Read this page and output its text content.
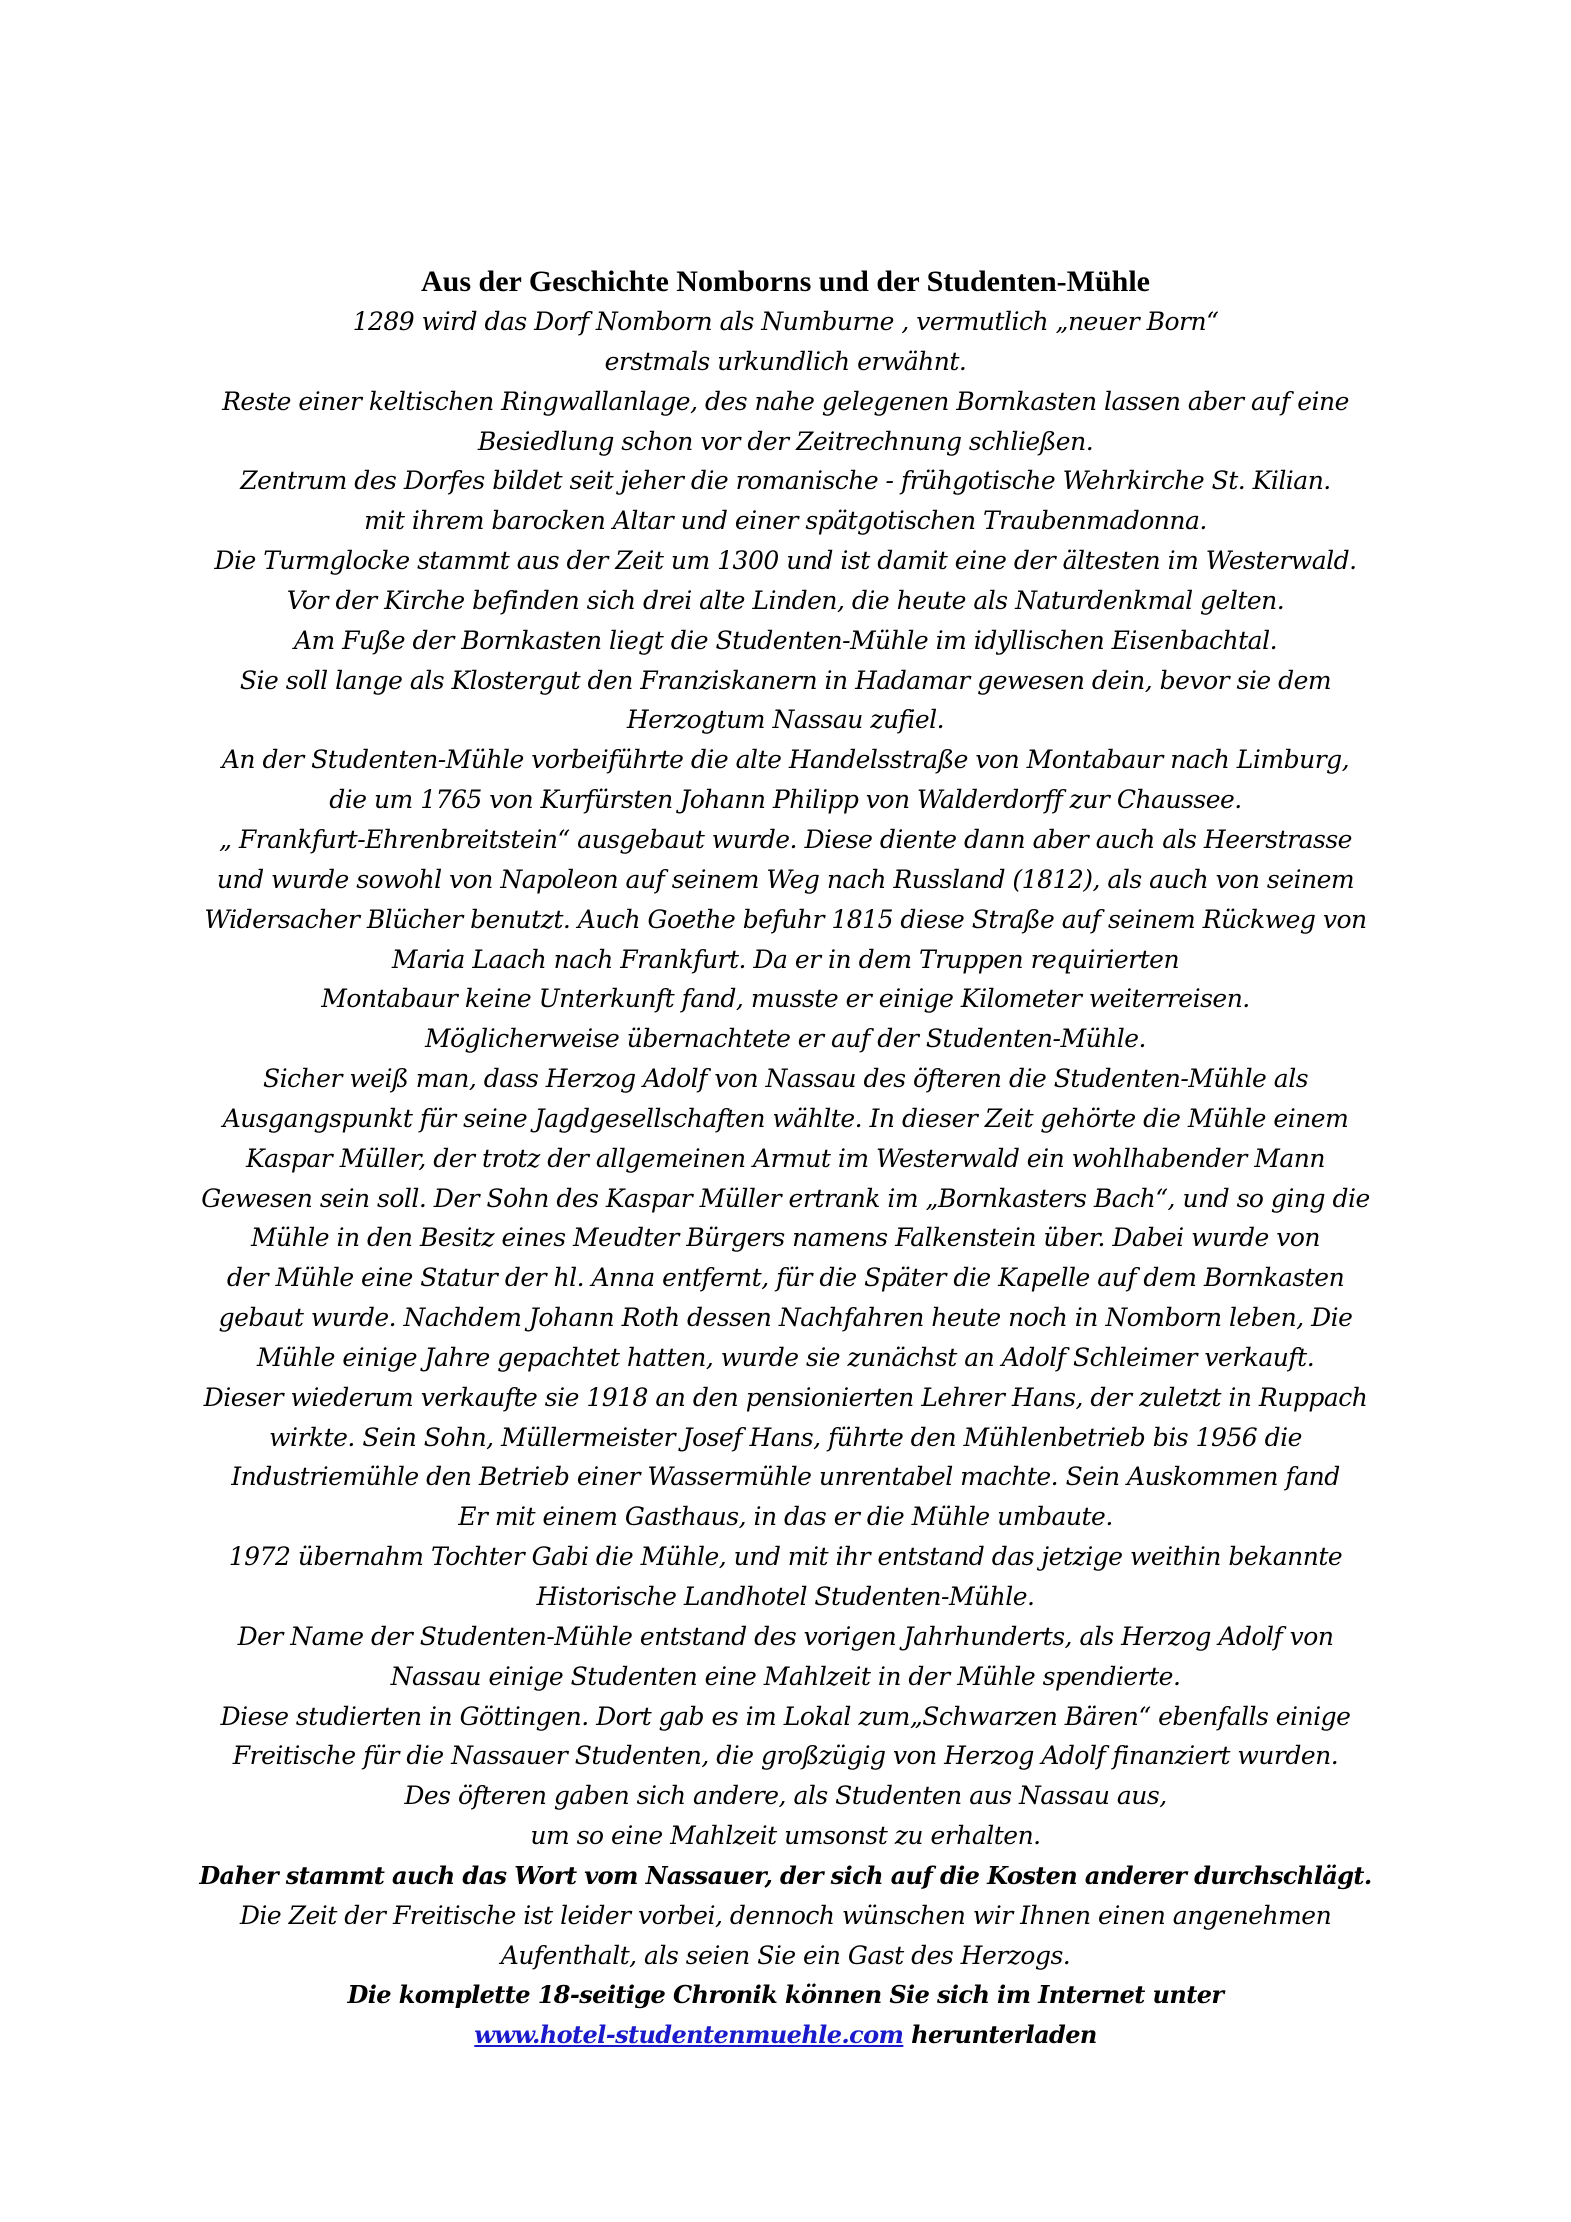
Aus der Geschichte Nomborns und der Studenten-Mühle
1289 wird das Dorf Nomborn als Numburne , vermutlich „neuer Born“
erstmals urkundlich erwähnt.
Reste einer keltischen Ringwallanlage, des nahe gelegenen Bornkasten lassen aber auf eine
Besiedlung schon vor der Zeitrechnung schließen.
Zentrum des Dorfes bildet seit jeher die romanische - frühgotische Wehrkirche St. Kilian.
mit ihrem barocken Altar und einer spätgotischen Traubenmadonna.
Die Turmglocke stammt aus der Zeit um 1300 und ist damit eine der ältesten im Westerwald.
Vor der Kirche befinden sich drei alte Linden, die heute als Naturdenkmal gelten.
Am Fuße der Bornkasten liegt die Studenten-Mühle im idyllischen Eisenbachtal.
Sie soll lange als Klostergut den Franziskanern in Hadamar gewesen dein, bevor sie dem
Herzogtum Nassau zufiel.
An der Studenten-Mühle vorbeiführte die alte Handelsstraße von Montabaur nach Limburg,
die um 1765 von Kurfürsten Johann Philipp von Walderdorff zur Chaussee.
„ Frankfurt-Ehrenbreitstein“ ausgebaut wurde. Diese diente dann aber auch als Heerstrasse
und wurde sowohl von Napoleon auf seinem Weg nach Russland (1812), als auch von seinem
Widersacher Blücher benutzt. Auch Goethe befuhr 1815 diese Straße auf seinem Rückweg von
Maria Laach nach Frankfurt. Da er in dem Truppen requirierten
Montabaur keine Unterkunft fand, musste er einige Kilometer weiterreisen.
Möglicherweise übernachtete er auf der Studenten-Mühle.
Sicher weiß man, dass Herzog Adolf von Nassau des öfteren die Studenten-Mühle als
Ausgangspunkt für seine Jagdgesellschaften wählte. In dieser Zeit gehörte die Mühle einem
Kaspar Müller, der trotz der allgemeinen Armut im Westerwald ein wohlhabender Mann
Gewesen sein soll. Der Sohn des Kaspar Müller ertrank im „Bornkasters Bach“, und so ging die
Mühle in den Besitz eines Meudter Bürgers namens Falkenstein über. Dabei wurde von
der Mühle eine Statur der hl. Anna entfernt, für die Später die Kapelle auf dem Bornkasten
gebaut wurde. Nachdem Johann Roth dessen Nachfahren heute noch in Nomborn leben, Die
Mühle einige Jahre gepachtet hatten, wurde sie zunächst an Adolf Schleimer verkauft.
Dieser wiederum verkaufte sie 1918 an den pensionierten Lehrer Hans, der zuletzt in Ruppach
wirkte. Sein Sohn, Müllermeister Josef Hans, führte den Mühlenbetrieb bis 1956 die
Industriemühle den Betrieb einer Wassermühle unrentabel machte. Sein Auskommen fand
Er mit einem Gasthaus, in das er die Mühle umbaute.
1972 übernahm Tochter Gabi die Mühle, und mit ihr entstand das jetzige weithin bekannte
Historische Landhotel Studenten-Mühle.
Der Name der Studenten-Mühle entstand des vorigen Jahrhunderts, als Herzog Adolf von
Nassau einige Studenten eine Mahlzeit in der Mühle spendierte.
Diese studierten in Göttingen. Dort gab es im Lokal zum„Schwarzen Bären“ ebenfalls einige
Freitische für die Nassauer Studenten, die großzügig von Herzog Adolf finanziert wurden.
Des öfteren gaben sich andere, als Studenten aus Nassau aus,
um so eine Mahlzeit umsonst zu erhalten.
Daher stammt auch das Wort vom Nassauer, der sich auf die Kosten anderer durchschlägt.
Die Zeit der Freitische ist leider vorbei, dennoch wünschen wir Ihnen einen angenehmen
Aufenthalt, als seien Sie ein Gast des Herzogs.
Die komplette 18-seitige Chronik können Sie sich im Internet unter
www.hotel-studentenmuehle.com herunterladen
